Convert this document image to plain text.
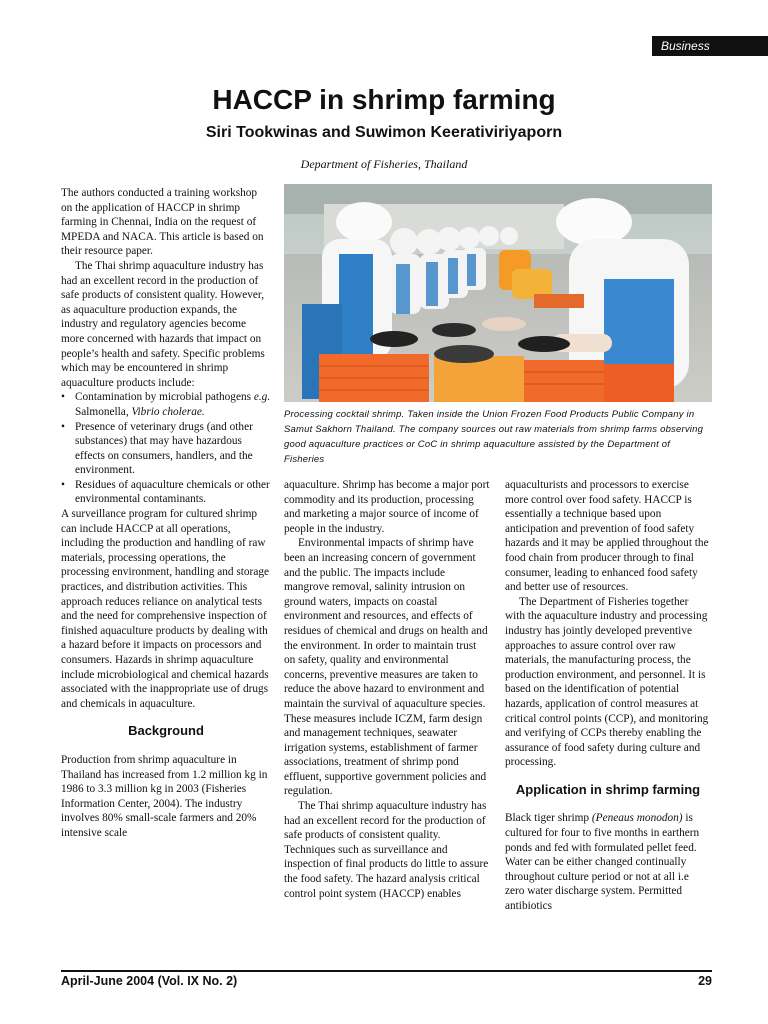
Business
HACCP in shrimp farming
Siri Tookwinas and Suwimon Keerativiriyaporn
Department of Fisheries, Thailand

The authors conducted a training workshop on the application of HACCP in shrimp farming in Chennai, India on the request of MPEDA and NACA. This article is based on their resource paper.

The Thai shrimp aquaculture industry has had an excellent record in the production of safe products of consistent quality. However, as aquaculture production expands, the industry and regulatory agencies become more concerned with hazards that impact on people’s health and safety. Specific problems which may be encountered in shrimp aquaculture products include:

• Contamination by microbial pathogens e.g. Salmonella, Vibrio cholerae.
• Presence of veterinary drugs (and other substances) that may have hazardous effects on consumers, handlers, and the environment.
• Residues of aquaculture chemicals or other environmental contaminants.

A surveillance program for cultured shrimp can include HACCP at all operations, including the production and handling of raw materials, processing operations, the processing environment, handling and storage practices, and distribution activities. This approach reduces reliance on analytical tests and the need for comprehensive inspection of finished aquaculture products by dealing with a hazard before it impacts on processors and consumers. Hazards in shrimp aquaculture include microbiological and chemical hazards associated with the inappropriate use of drugs and chemicals in aquaculture.

Background

Production from shrimp aquaculture in Thailand has increased from 1.2 million kg in 1986 to 3.3 million kg in 2003 (Fisheries Information Center, 2004). The industry involves 80% small-scale farmers and 20% intensive scale

Processing cocktail shrimp. Taken inside the Union Frozen Food Products Public Company in Samut Sakhorn Thailand. The company sources out raw materials from shrimp farms observing good aquaculture practices or CoC in shrimp aquaculture assisted by the Department of Fisheries

aquaculture. Shrimp has become a major port commodity and its production, processing and marketing a major source of income of people in the industry.

Environmental impacts of shrimp have been an increasing concern of government and the public. The impacts include mangrove removal, salinity intrusion on ground waters, impacts on coastal environment and resources, and effects of residues of chemical and drugs on health and the environment. In order to maintain trust on safety, quality and environmental concerns, preventive measures are taken to reduce the above hazard to environment and maintain the survival of aquaculture species. These measures include ICZM, farm design and management techniques, seawater irrigation systems, establishment of farmer associations, treatment of shrimp pond effluent, supportive government policies and regulation.

The Thai shrimp aquaculture industry has had an excellent record for the production of safe products of consistent quality. Techniques such as surveillance and inspection of final products do little to assure the food safety. The hazard analysis critical control point system (HACCP) enables

aquaculturists and processors to exercise more control over food safety. HACCP is essentially a technique based upon anticipation and prevention of food safety hazards and it may be applied throughout the food chain from producer through to final consumer, leading to enhanced food safety and better use of resources.

The Department of Fisheries together with the aquaculture industry and processing industry has jointly developed preventive approaches to assure control over raw materials, the manufacturing process, the production environment, and personnel. It is based on the identification of potential hazards, application of control measures at critical control points (CCP), and monitoring and verifying of CCPs thereby enabling the assurance of food safety during culture and processing.

Application in shrimp farming

Black tiger shrimp (Peneaus monodon) is cultured for four to five months in earthern ponds and fed with formulated pellet feed. Water can be either changed continually throughout culture period or not at all i.e zero water discharge system. Permitted antibiotics

April-June 2004 (Vol. IX No. 2)	29
